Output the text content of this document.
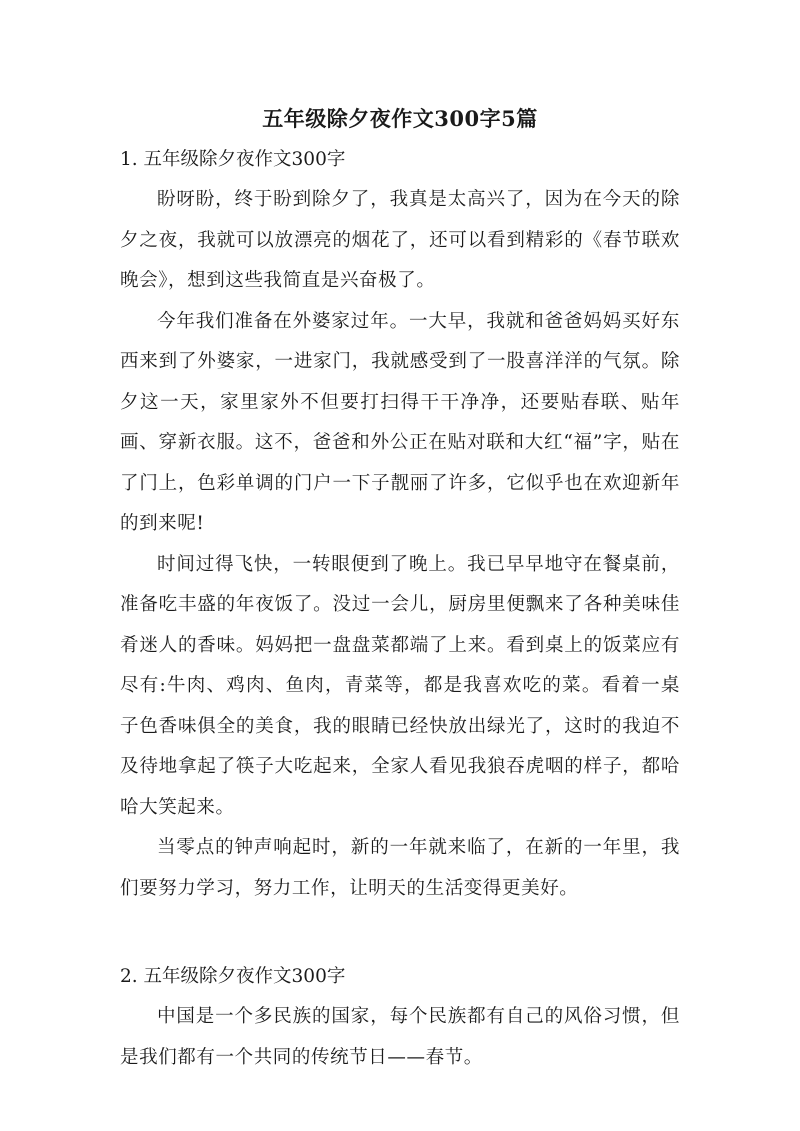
五年级除夕夜作文300字5篇
1. 五年级除夕夜作文300字

盼呀盼，终于盼到除夕了，我真是太高兴了，因为在今天的除夕之夜，我就可以放漂亮的烟花了，还可以看到精彩的《春节联欢晚会》，想到这些我简直是兴奋极了。

今年我们准备在外婆家过年。一大早，我就和爸爸妈妈买好东西来到了外婆家，一进家门，我就感受到了一股喜洋洋的气氛。除夕这一天，家里家外不但要打扫得干干净净，还要贴春联、贴年画、穿新衣服。这不，爸爸和外公正在贴对联和大红“福”字，贴在了门上，色彩单调的门户一下子靓丽了许多，它似乎也在欢迎新年的到来呢!

时间过得飞快，一转眼便到了晚上。我已早早地守在餐桌前，准备吃丰盛的年夜饭了。没过一会儿，厨房里便飘来了各种美味佳肴迷人的香味。妈妈把一盘盘菜都端了上来。看到桌上的饭菜应有尽有:牛肉、鸡肉、鱼肉，青菜等，都是我喜欢吃的菜。看着一桌子色香味俱全的美食，我的眼睛已经快放出绿光了，这时的我迫不及待地拿起了筷子大吃起来，全家人看见我狼吞虎咽的样子，都哈哈大笑起来。

当零点的钟声响起时，新的一年就来临了，在新的一年里，我们要努力学习，努力工作，让明天的生活变得更美好。

2. 五年级除夕夜作文300字

中国是一个多民族的国家，每个民族都有自己的风俗习惯，但是我们都有一个共同的传统节日——春节。
